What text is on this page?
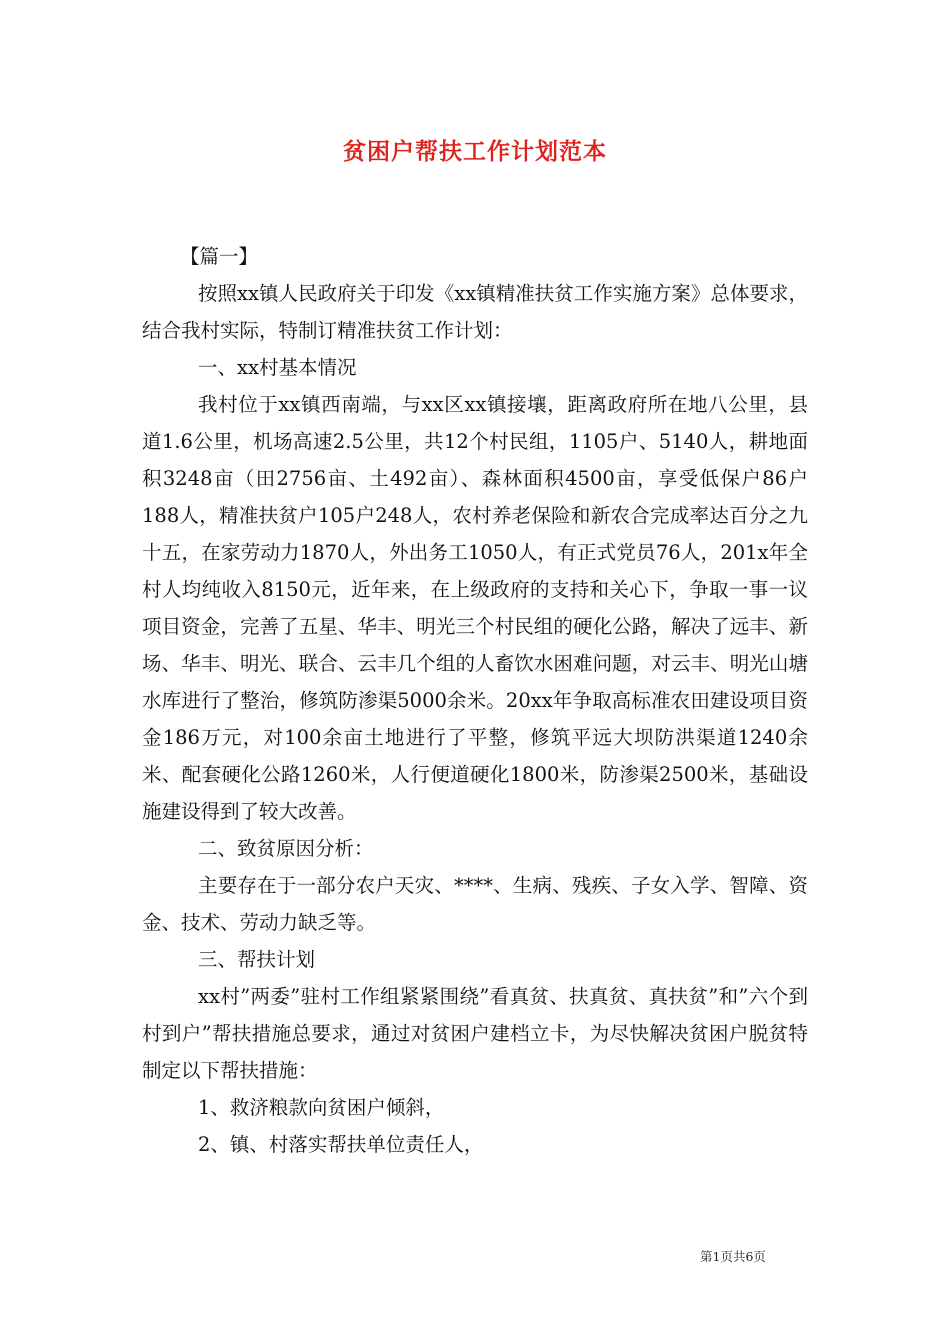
贫困户帮扶工作计划范本

【篇一】

按照xx镇人民政府关于印发《xx镇精准扶贫工作实施方案》总体要求，结合我村实际，特制订精准扶贫工作计划：

一、xx村基本情况

我村位于xx镇西南端，与xx区xx镇接壤，距离政府所在地八公里，县道1.6公里，机场高速2.5公里，共12个村民组，1105户、5140人，耕地面积3248亩（田2756亩、土492亩）、森林面积4500亩，享受低保户86户188人，精准扶贫户105户248人，农村养老保险和新农合完成率达百分之九十五，在家劳动力1870人，外出务工1050人，有正式党员76人，201x年全村人均纯收入8150元，近年来，在上级政府的支持和关心下，争取一事一议项目资金，完善了五星、华丰、明光三个村民组的硬化公路，解决了远丰、新场、华丰、明光、联合、云丰几个组的人畜饮水困难问题，对云丰、明光山塘水库进行了整治，修筑防渗渠5000余米。20xx年争取高标准农田建设项目资金186万元，对100余亩土地进行了平整，修筑平远大坝防洪渠道1240余米、配套硬化公路1260米，人行便道硬化1800米，防渗渠2500米，基础设施建设得到了较大改善。

二、致贫原因分析：

主要存在于一部分农户天灾、****、生病、残疾、子女入学、智障、资金、技术、劳动力缺乏等。

三、帮扶计划

xx村”两委”驻村工作组紧紧围绕”看真贫、扶真贫、真扶贫”和”六个到村到户”帮扶措施总要求，通过对贫困户建档立卡，为尽快解决贫困户脱贫特制定以下帮扶措施：

1、救济粮款向贫困户倾斜，

2、镇、村落实帮扶单位责任人，

第1页共6页
